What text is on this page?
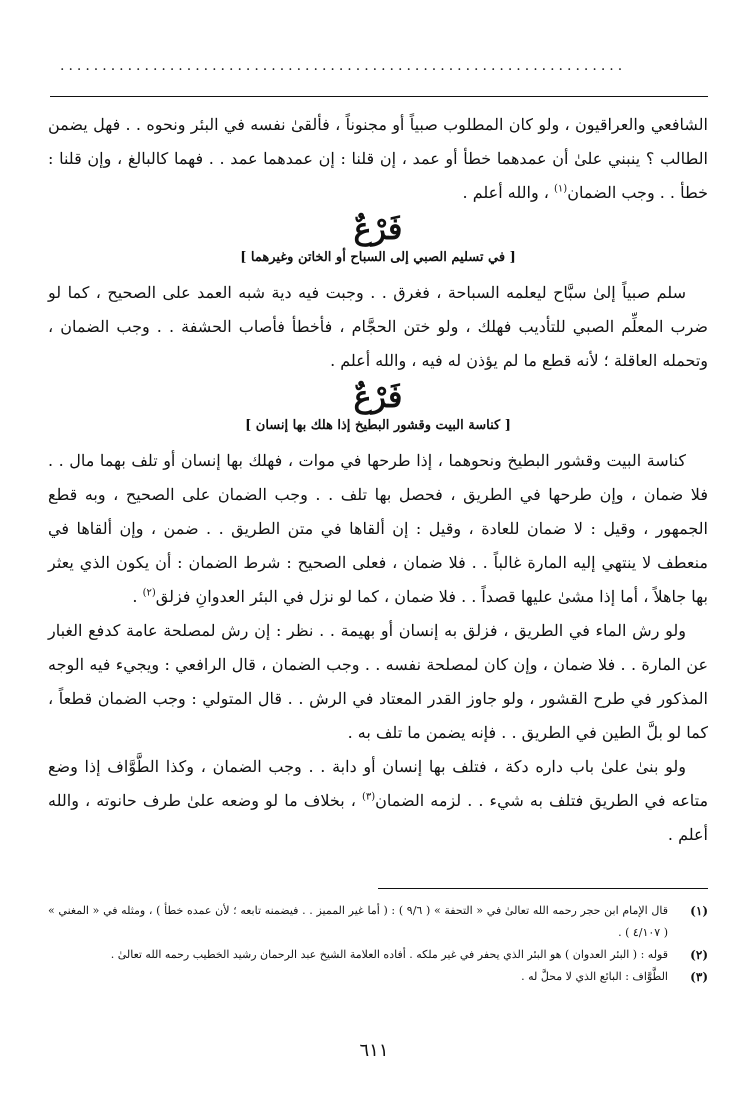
...................................................................

الشافعي والعراقيون ، ولو كان المطلوب صبياً أو مجنوناً ، فألقىٰ نفسه في البئر ونحوه . . فهل يضمن الطالب ؟ ينبني علىٰ أن عمدهما خطأ أو عمد ، إن قلنا : إن عمدهما عمد . . فهما كالبالغ ، وإن قلنا : خطأ . . وجب الضمان$^{(١)}$ ، والله أعلم .

فَرْعٌ
[ في تسليم الصبي إلى السباح أو الخاتن وغيرهما ]

سلم صبياً إلىٰ سبَّاح ليعلمه السباحة ، فغرق . . وجبت فيه دية شبه العمد على الصحيح ، كما لو ضرب المعلِّم الصبي للتأديب فهلك ، ولو ختن الحجَّام ، فأخطأ فأصاب الحشفة . . وجب الضمان ، وتحمله العاقلة ؛ لأنه قطع ما لم يؤذن له فيه ، والله أعلم .

فَرْعٌ
[ كناسة البيت وقشور البطيخ إذا هلك بها إنسان ]

كناسة البيت وقشور البطيخ ونحوهما ، إذا طرحها في موات ، فهلك بها إنسان أو تلف بهما مال . . فلا ضمان ، وإن طرحها في الطريق ، فحصل بها تلف . . وجب الضمان على الصحيح ، وبه قطع الجمهور ، وقيل : لا ضمان للعادة ، وقيل : إن ألقاها في متن الطريق . . ضمن ، وإن ألقاها في منعطف لا ينتهي إليه المارة غالباً . . فلا ضمان ، فعلى الصحيح : شرط الضمان : أن يكون الذي يعثر بها جاهلاً ، أما إذا مشىٰ عليها قصداً . . فلا ضمان ، كما لو نزل في البئر العدوانِ فزلق$^{(٢)}$ .

ولو رش الماء في الطريق ، فزلق به إنسان أو بهيمة . . نظر : إن رش لمصلحة عامة كدفع الغبار عن المارة . . فلا ضمان ، وإن كان لمصلحة نفسه . . وجب الضمان ، قال الرافعي : ويجيء فيه الوجه المذكور في طرح القشور ، ولو جاوز القدر المعتاد في الرش . . قال المتولي : وجب الضمان قطعاً ، كما لو بلَّ الطين في الطريق . . فإنه يضمن ما تلف به .

ولو بنىٰ علىٰ باب داره دكة ، فتلف بها إنسان أو دابة . . وجب الضمان ، وكذا الطَّوَّاف إذا وضع متاعه في الطريق فتلف به شيء . . لزمه الضمان$^{(٣)}$ ، بخلاف ما لو وضعه علىٰ طرف حانوته ، والله أعلم .

(١)
قال الإمام ابن حجر رحمه الله تعالىٰ في « التحفة » ( ٩/٦ ) : ( أما غير المميز . . فيضمنه تابعه ؛ لأن عمده خطأ ) ، ومثله في « المغني » ( ٤/١٠٧ ) .
(٢)
قوله : ( البئر العدوان ) هو البئر الذي يحفر في غير ملكه . أفاده العلامة الشيخ عبد الرحمان رشيد الخطيب رحمه الله تعالىٰ .
(٣)
الطَّوَّاف : البائع الذي لا محلَّ له .
٦١١
